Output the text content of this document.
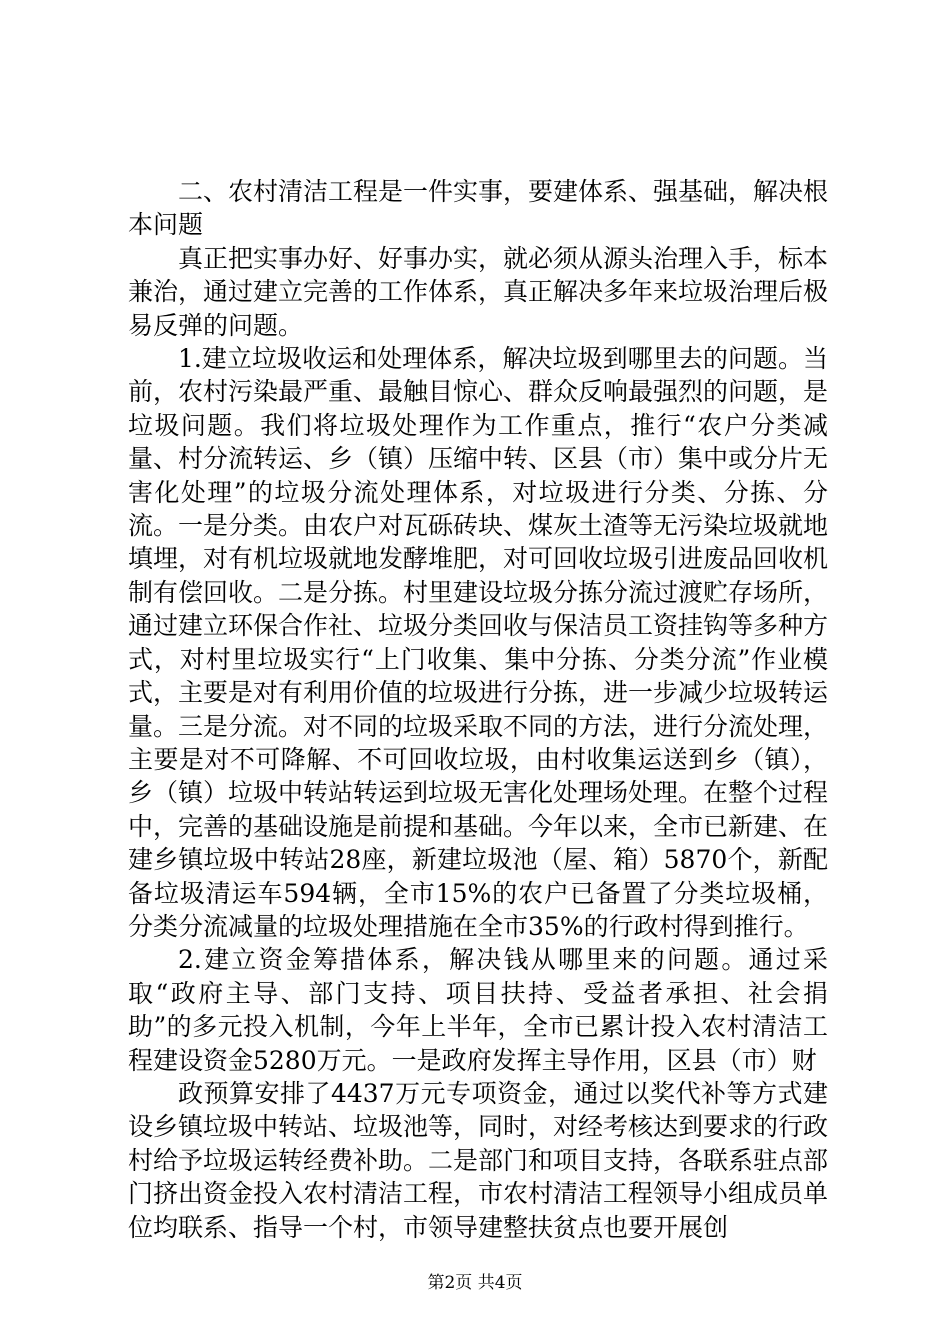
二、农村清洁工程是一件实事，要建体系、强基础，解决根本问题

真正把实事办好、好事办实，就必须从源头治理入手，标本兼治，通过建立完善的工作体系，真正解决多年来垃圾治理后极易反弹的问题。

1.建立垃圾收运和处理体系，解决垃圾到哪里去的问题。当前，农村污染最严重、最触目惊心、群众反响最强烈的问题，是垃圾问题。我们将垃圾处理作为工作重点，推行“农户分类减量、村分流转运、乡（镇）压缩中转、区县（市）集中或分片无害化处理”的垃圾分流处理体系，对垃圾进行分类、分拣、分流。一是分类。由农户对瓦砾砖块、煤灰土渣等无污染垃圾就地填埋，对有机垃圾就地发酵堆肥，对可回收垃圾引进废品回收机制有偿回收。二是分拣。村里建设垃圾分拣分流过渡贮存场所，通过建立环保合作社、垃圾分类回收与保洁员工资挂钩等多种方式，对村里垃圾实行“上门收集、集中分拣、分类分流”作业模式，主要是对有利用价值的垃圾进行分拣，进一步减少垃圾转运量。三是分流。对不同的垃圾采取不同的方法，进行分流处理，主要是对不可降解、不可回收垃圾，由村收集运送到乡（镇），乡（镇）垃圾中转站转运到垃圾无害化处理场处理。在整个过程中，完善的基础设施是前提和基础。今年以来，全市已新建、在建乡镇垃圾中转站28座，新建垃圾池（屋、箱）5870个，新配备垃圾清运车594辆，全市15%的农户已备置了分类垃圾桶，分类分流减量的垃圾处理措施在全市35%的行政村得到推行。

2.建立资金筹措体系，解决钱从哪里来的问题。通过采取“政府主导、部门支持、项目扶持、受益者承担、社会捐助”的多元投入机制，今年上半年，全市已累计投入农村清洁工程建设资金5280万元。一是政府发挥主导作用，区县（市）财

政预算安排了4437万元专项资金，通过以奖代补等方式建设乡镇垃圾中转站、垃圾池等，同时，对经考核达到要求的行政村给予垃圾运转经费补助。二是部门和项目支持，各联系驻点部门挤出资金投入农村清洁工程，市农村清洁工程领导小组成员单位均联系、指导一个村，市领导建整扶贫点也要开展创

第2页 共4页
